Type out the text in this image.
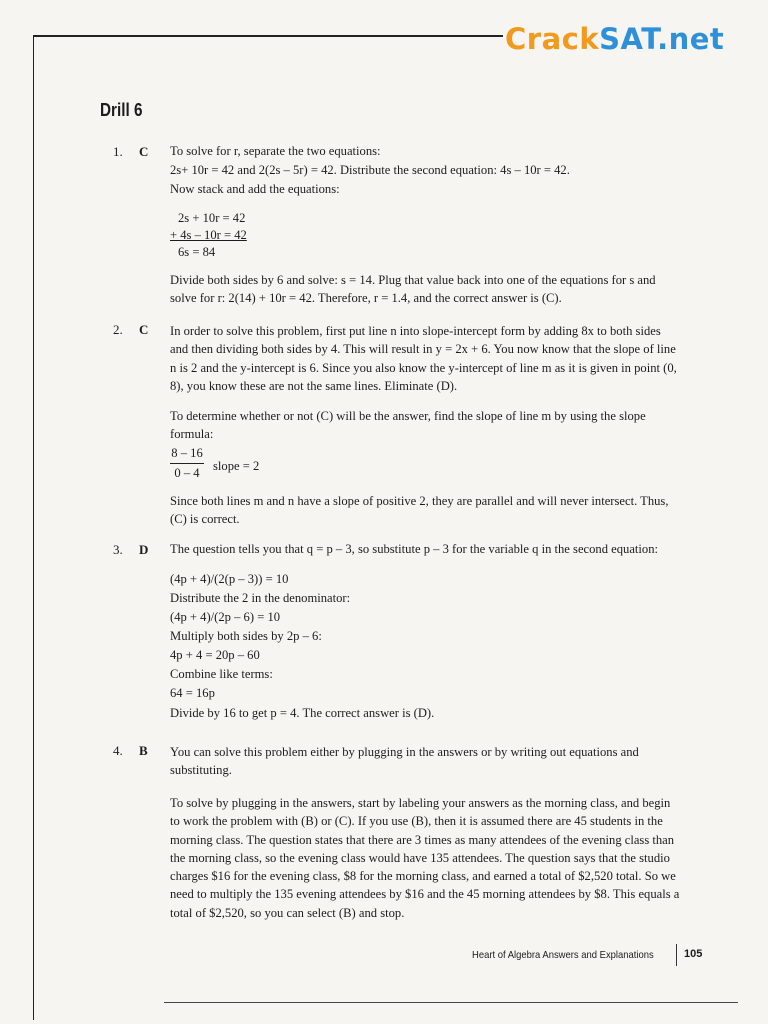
CrackSAT.net
Drill 6
1.	C To solve for r, separate the two equations:
2s+ 10r = 42 and 2(2s – 5r) = 42. Distribute the second equation: 4s – 10r = 42.
Now stack and add the equations:
2s + 10r = 42
+ 4s – 10r = 42
6s = 84
Divide both sides by 6 and solve: s = 14. Plug that value back into one of the equations for s and solve for r: 2(14) + 10r = 42. Therefore, r = 1.4, and the correct answer is (C).
2.	C In order to solve this problem, first put line n into slope-intercept form by adding 8x to both sides and then dividing both sides by 4. This will result in y = 2x + 6. You now know that the slope of line n is 2 and the y-intercept is 6. Since you also know the y-intercept of line m as it is given in point (0, 8), you know these are not the same lines. Eliminate (D).
To determine whether or not (C) will be the answer, find the slope of line m by using the slope formula:
8 – 16
0 – 4	slope = 2
Since both lines m and n have a slope of positive 2, they are parallel and will never intersect. Thus, (C) is correct.
3.	D The question tells you that q = p – 3, so substitute p – 3 for the variable q in the second equation:
(4p + 4)/(2(p – 3)) = 10
Distribute the 2 in the denominator:
(4p + 4)/(2p – 6) = 10
Multiply both sides by 2p – 6:
4p + 4 = 20p – 60
Combine like terms:
64 = 16p
Divide by 16 to get p = 4. The correct answer is (D).
4.	B You can solve this problem either by plugging in the answers or by writing out equations and substituting.
To solve by plugging in the answers, start by labeling your answers as the morning class, and begin to work the problem with (B) or (C). If you use (B), then it is assumed there are 45 students in the morning class. The question states that there are 3 times as many attendees of the evening class than the morning class, so the evening class would have 135 attendees. The question says that the studio charges $16 for the evening class, $8 for the morning class, and earned a total of $2,520 total. So we need to multiply the 135 evening attendees by $16 and the 45 morning attendees by $8. This equals a total of $2,520, so you can select (B) and stop.
Heart of Algebra Answers and Explanations	105
